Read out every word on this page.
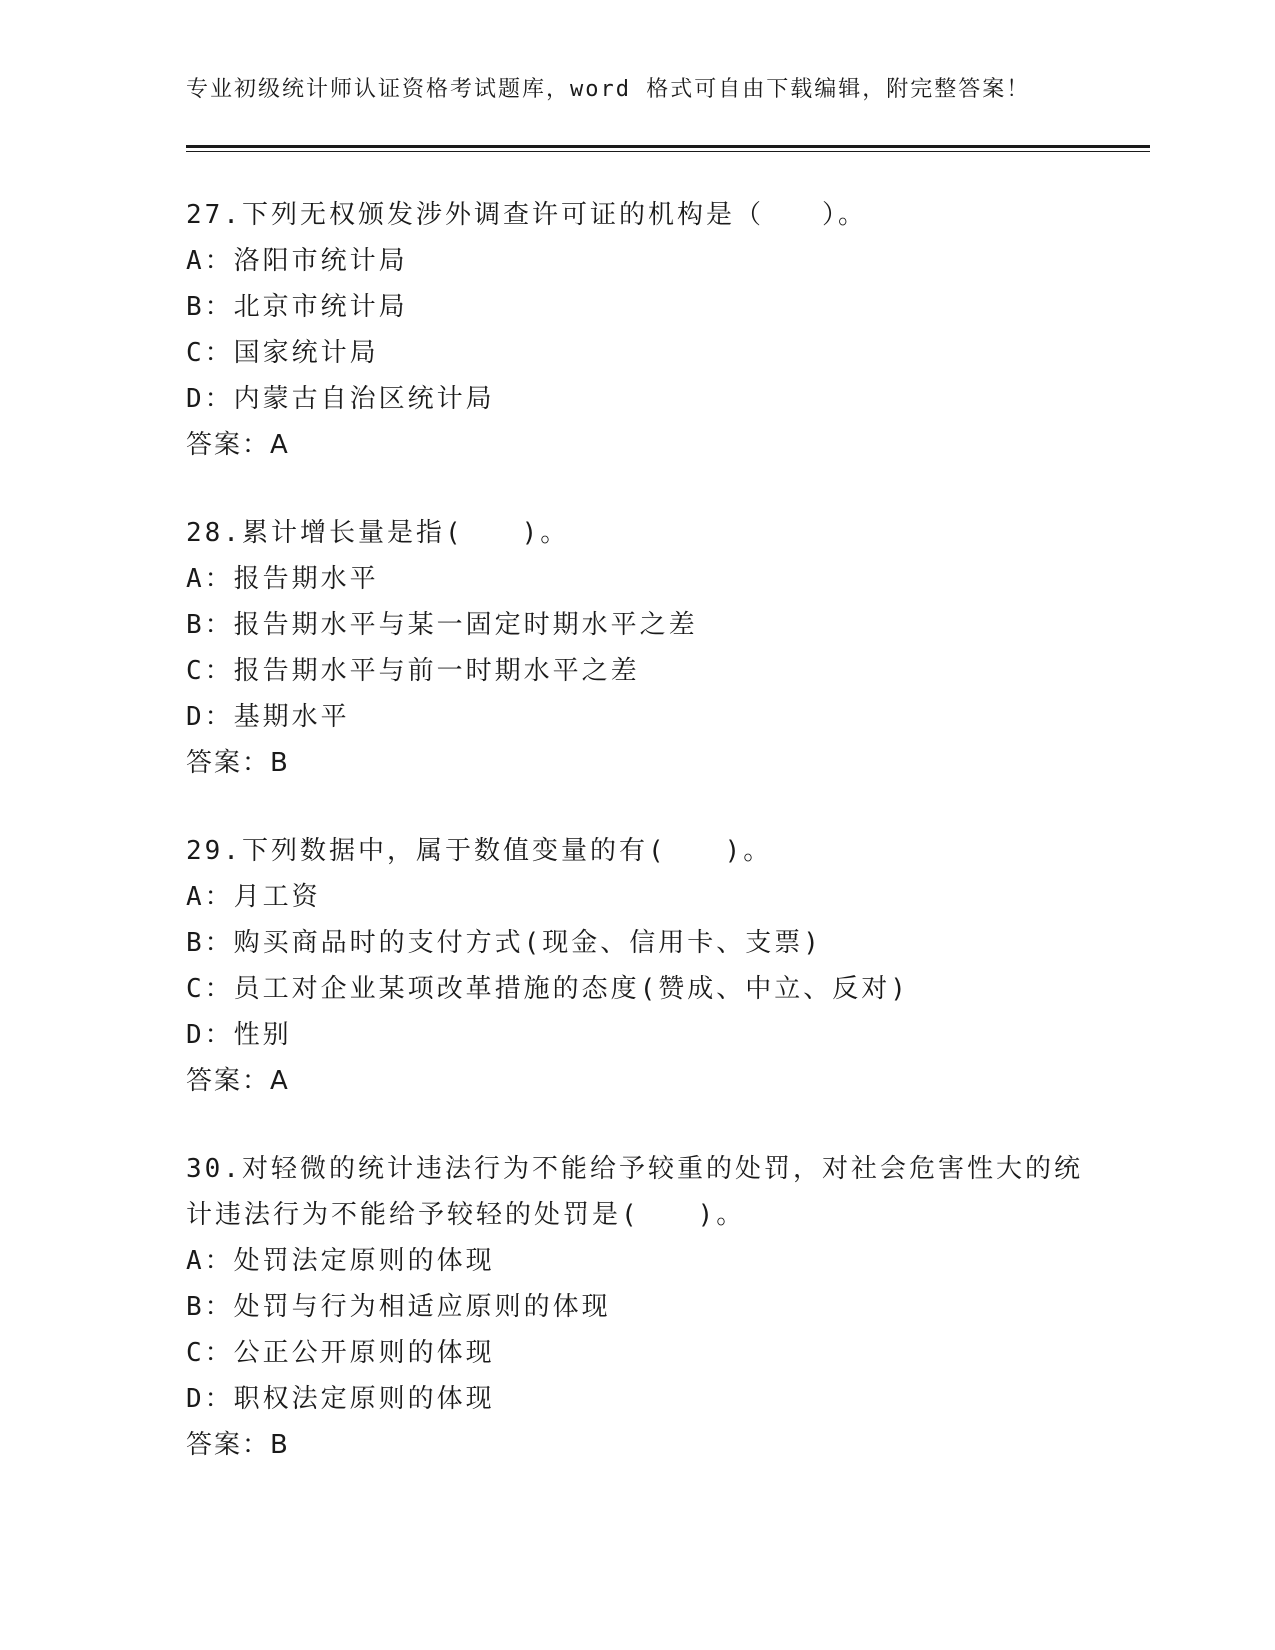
专业初级统计师认证资格考试题库，word 格式可自由下载编辑，附完整答案！
27.下列无权颁发涉外调查许可证的机构是（　　）。
A：洛阳市统计局
B：北京市统计局
C：国家统计局
D：内蒙古自治区统计局
答案：A
28.累计增长量是指(　　)。
A：报告期水平
B：报告期水平与某一固定时期水平之差
C：报告期水平与前一时期水平之差
D：基期水平
答案：B
29.下列数据中，属于数值变量的有(　　)。
A：月工资
B：购买商品时的支付方式(现金、信用卡、支票)
C：员工对企业某项改革措施的态度(赞成、中立、反对)
D：性别
答案：A
30.对轻微的统计违法行为不能给予较重的处罚，对社会危害性大的统
计违法行为不能给予较轻的处罚是(　　)。
A：处罚法定原则的体现
B：处罚与行为相适应原则的体现
C：公正公开原则的体现
D：职权法定原则的体现
答案：B
